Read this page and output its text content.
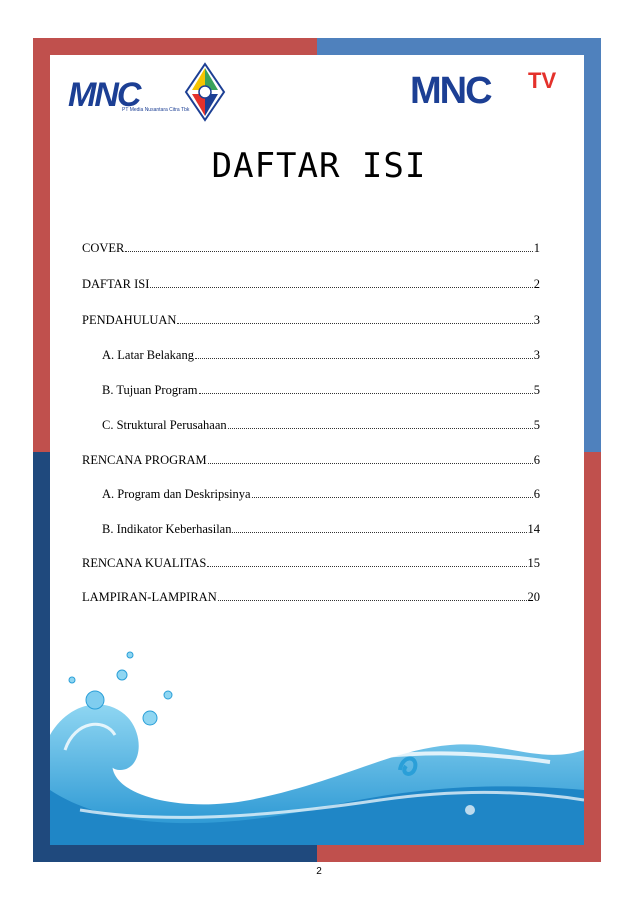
MNC
PT Media Nusantara Citra Tbk	MNC TV
DAFTAR ISI
COVER	1
DAFTAR ISI	2
PENDAHULUAN	3
A. Latar Belakang	3
B. Tujuan Program	5
C. Struktural Perusahaan	5
RENCANA PROGRAM	6
A. Program dan Deskripsinya	6
B. Indikator Keberhasilan	14
RENCANA KUALITAS	15
LAMPIRAN-LAMPIRAN	20
2
